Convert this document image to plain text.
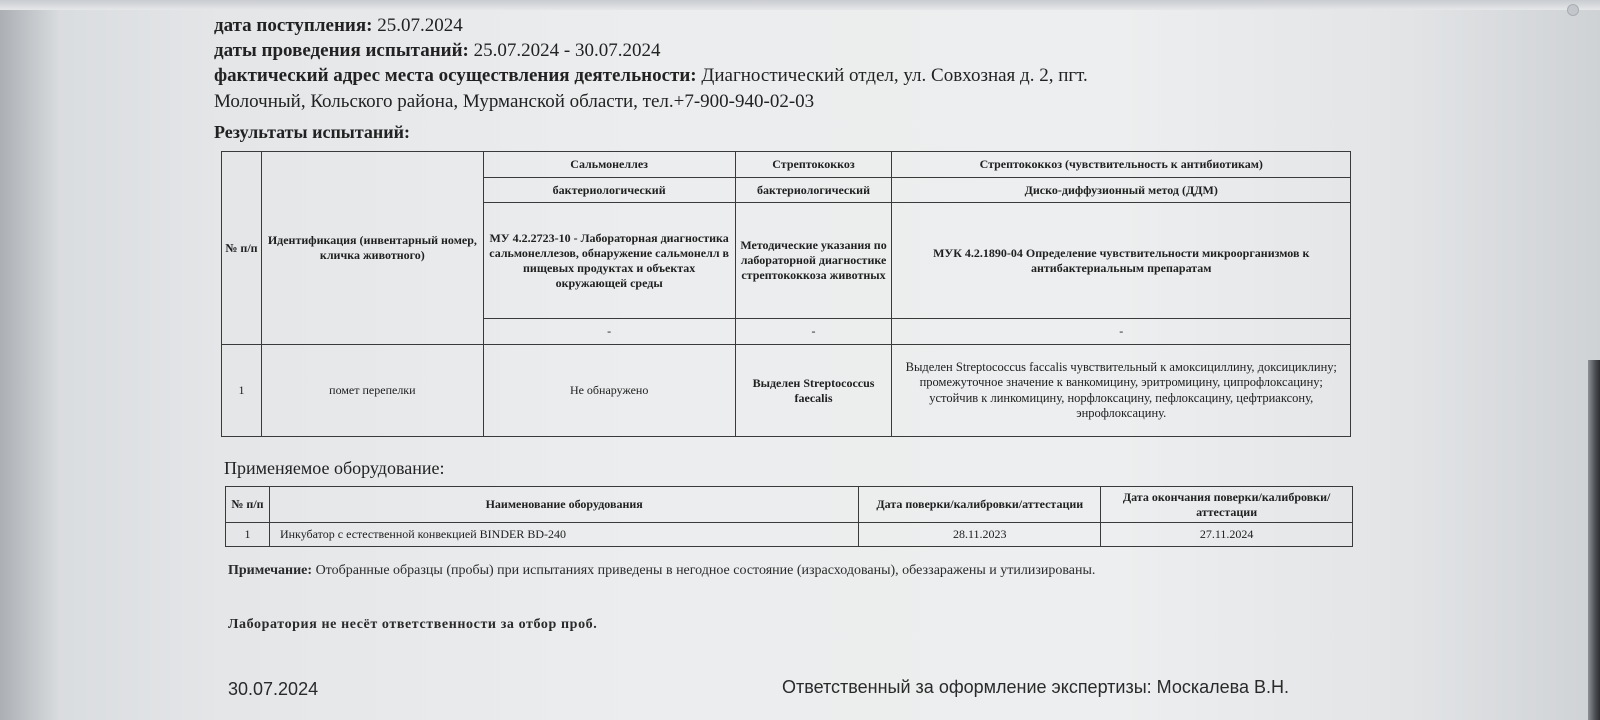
дата поступления: 25.07.2024
даты проведения испытаний: 25.07.2024 - 30.07.2024
фактический адрес места осуществления деятельности: Диагностический отдел, ул. Совхозная д. 2, пгт.
Молочный, Кольского района, Мурманской области, тел.+7-900-940-02-03
Результаты испытаний:
№ п/п	Идентификация (инвентарный номер, кличка животного)	Сальмонеллез	Стрептококкоз	Стрептококкоз (чувствительность к антибиотикам)
		бактериологический	бактериологический	Диско-диффузионный метод (ДДМ)
		МУ 4.2.2723-10 - Лабораторная диагностика сальмонеллезов, обнаружение сальмонелл в пищевых продуктах и объектах окружающей среды	Методические указания по лабораторной диагностике стрептококкоза животных	МУК 4.2.1890-04 Определение чувствительности микроорганизмов к антибактериальным препаратам
		-	-	-
1	помет перепелки	Не обнаружено	Выделен Streptococcus faecalis	Выделен Streptococcus faccalis чувствительный к амоксициллину, доксициклину; промежуточное значение к ванкомицину, эритромицину, ципрофлоксацину; устойчив к линкомицину, норфлоксацину, пефлоксацину, цефтриаксону, энрофлоксацину.
Применяемое оборудование:
№ п/п	Наименование оборудования	Дата поверки/калибровки/аттестации	Дата окончания поверки/калибровки/аттестации
1	Инкубатор с естественной конвекцией BINDER BD-240	28.11.2023	27.11.2024
Примечание: Отобранные образцы (пробы) при испытаниях приведены в негодное состояние (израсходованы), обеззаражены и утилизированы.
Лаборатория не несёт ответственности за отбор проб.
30.07.2024	Ответственный за оформление экспертизы: Москалева В.Н.
